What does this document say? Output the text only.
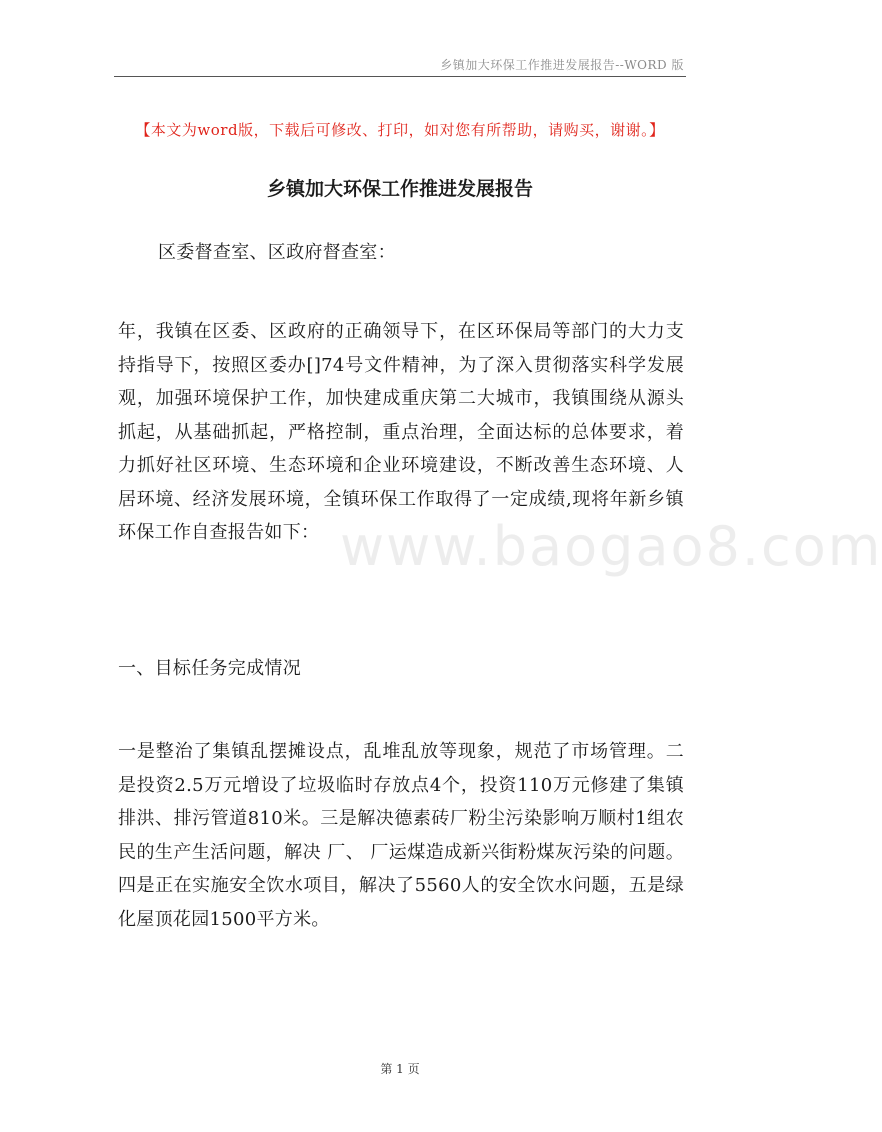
乡镇加大环保工作推进发展报告--WORD 版
【本文为word版，下载后可修改、打印，如对您有所帮助，请购买，谢谢。】
乡镇加大环保工作推进发展报告

区委督查室、区政府督查室：

年，我镇在区委、区政府的正确领导下，在区环保局等部门的大力支持指导下，按照区委办[]74号文件精神，为了深入贯彻落实科学发展观，加强环境保护工作，加快建成重庆第二大城市，我镇围绕从源头抓起，从基础抓起，严格控制，重点治理，全面达标的总体要求，着力抓好社区环境、生态环境和企业环境建设，不断改善生态环境、人居环境、经济发展环境，全镇环保工作取得了一定成绩,现将年新乡镇环保工作自查报告如下：

一、目标任务完成情况

一是整治了集镇乱摆摊设点，乱堆乱放等现象，规范了市场管理。二是投资2.5万元增设了垃圾临时存放点4个，投资110万元修建了集镇排洪、排污管道810米。三是解决德素砖厂粉尘污染影响万顺村1组农民的生产生活问题，解决 厂、 厂运煤造成新兴街粉煤灰污染的问题。四是正在实施安全饮水项目，解决了5560人的安全饮水问题，五是绿化屋顶花园1500平方米。

www.baogao8.com
第 1 页
